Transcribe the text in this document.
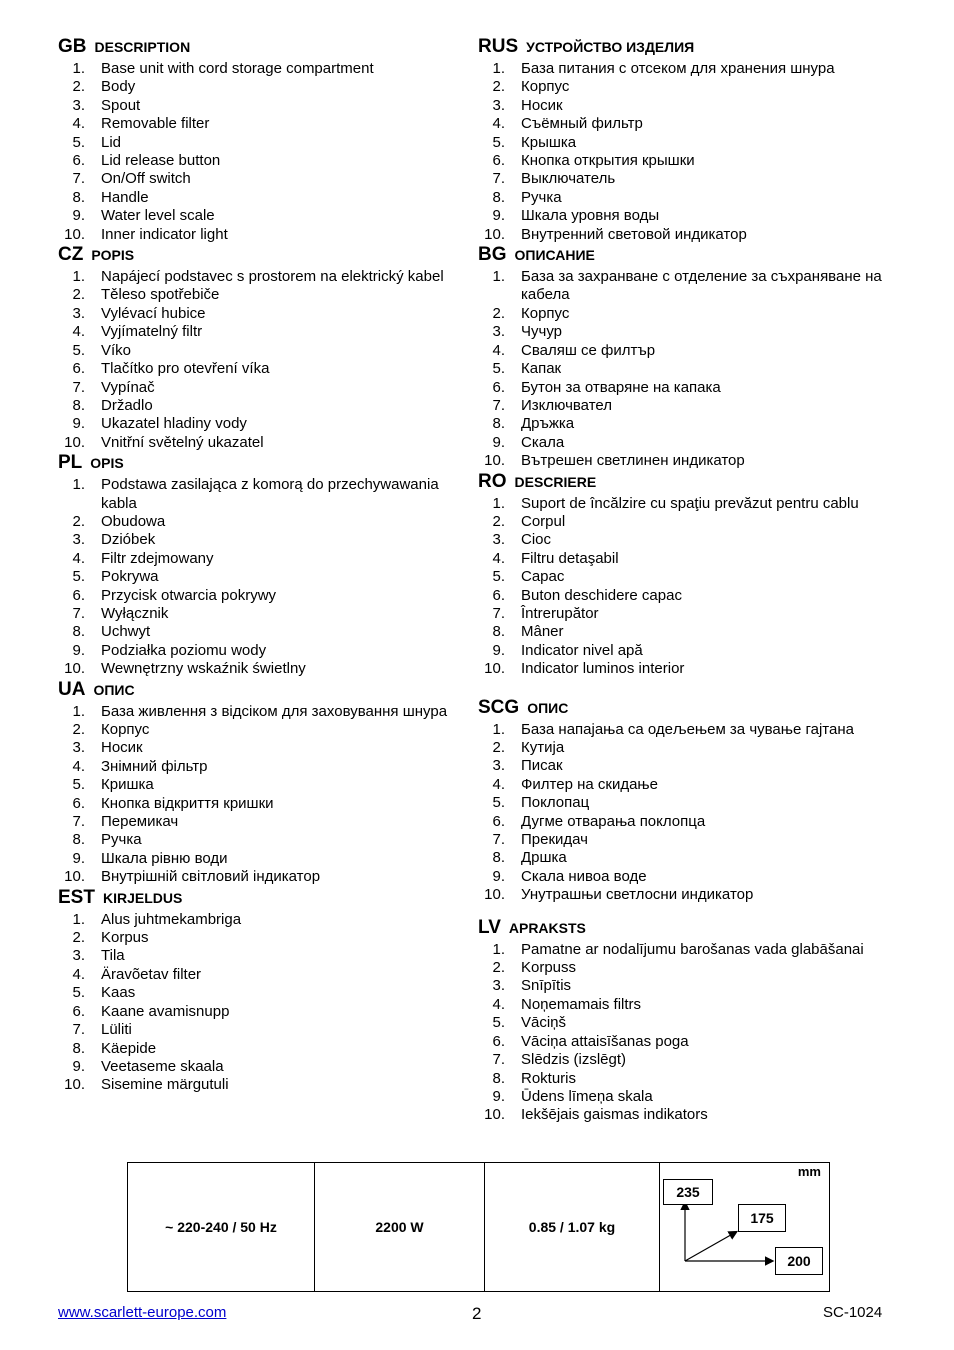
GB DESCRIPTION
1. Base unit with cord storage compartment
2. Body
3. Spout
4. Removable filter
5. Lid
6. Lid release button
7. On/Off switch
8. Handle
9. Water level scale
10. Inner indicator light
CZ POPIS
1. Napájecí podstavec s prostorem na elektrický kabel
2. Těleso spotřebiče
3. Vylévací hubice
4. Vyjímatelný filtr
5. Víko
6. Tlačítko pro otevření víka
7. Vypínač
8. Držadlo
9. Ukazatel hladiny vody
10. Vnitřní světelný ukazatel
PL OPIS
1. Podstawa zasilająca z komorą do przechywawania kabla
2. Obudowa
3. Dzióbek
4. Filtr zdejmowany
5. Pokrywa
6. Przycisk otwarcia pokrywy
7. Wyłącznik
8. Uchwyt
9. Podziałka poziomu wody
10. Wewnętrzny wskaźnik świetlny
UA ОПИС
1. База живлення з відсіком для заховування шнура
2. Корпус
3. Носик
4. Знімний фільтр
5. Кришка
6. Кнопка відкриття кришки
7. Перемикач
8. Ручка
9. Шкала рівню води
10. Внутрішній світловий індикатор
EST KIRJELDUS
1. Alus juhtmekambriga
2. Korpus
3. Tila
4. Äravõetav filter
5. Kaas
6. Kaane avamisnupp
7. Lüliti
8. Käepide
9. Veetaseme skaala
10. Sisemine märgutuli
RUS УСТРОЙСТВО ИЗДЕЛИЯ
1. База питания с отсеком для хранения шнура
2. Корпус
3. Носик
4. Съёмный фильтр
5. Крышка
6. Кнопка открытия крышки
7. Выключатель
8. Ручка
9. Шкала уровня воды
10. Внутренний световой индикатор
BG ОПИСАНИЕ
1. База за захранване с отделение за съхраняване на кабела
2. Корпус
3. Чучур
4. Сваляш се филтър
5. Капак
6. Бутон за отваряне на капака
7. Изключвател
8. Дръжка
9. Скала
10. Вътрешен светлинен индикатор
RO DESCRIERE
1. Suport de încălzire cu spaţiu prevăzut pentru cablu
2. Corpul
3. Cioc
4. Filtru detaşabil
5. Capac
6. Buton deschidere capac
7. Întrerupător
8. Mâner
9. Indicator nivel apă
10. Indicator luminos interior
SCG ОПИС
1. База напајања са одељењем за чување гајтана
2. Кутија
3. Писак
4. Филтер на скидање
5. Поклопац
6. Дугме отварања поклопца
7. Прекидач
8. Дршка
9. Скала нивоа воде
10. Унутрашњи светлосни индикатор
LV APRAKSTS
1. Pamatne ar nodalījumu barošanas vada glabāšanai
2. Korpuss
3. Snīpītis
4. Noņemamais filtrs
5. Vāciņš
6. Vāciņa attaisīšanas poga
7. Slēdzis (izslēgt)
8. Rokturis
9. Ūdens līmeņa skala
10. Iekšējais gaismas indikators
~ 220-240 / 50 Hz	2200 W	0.85 / 1.07 kg
mm
235
175
200
www.scarlett-europe.com	2	SC-1024
